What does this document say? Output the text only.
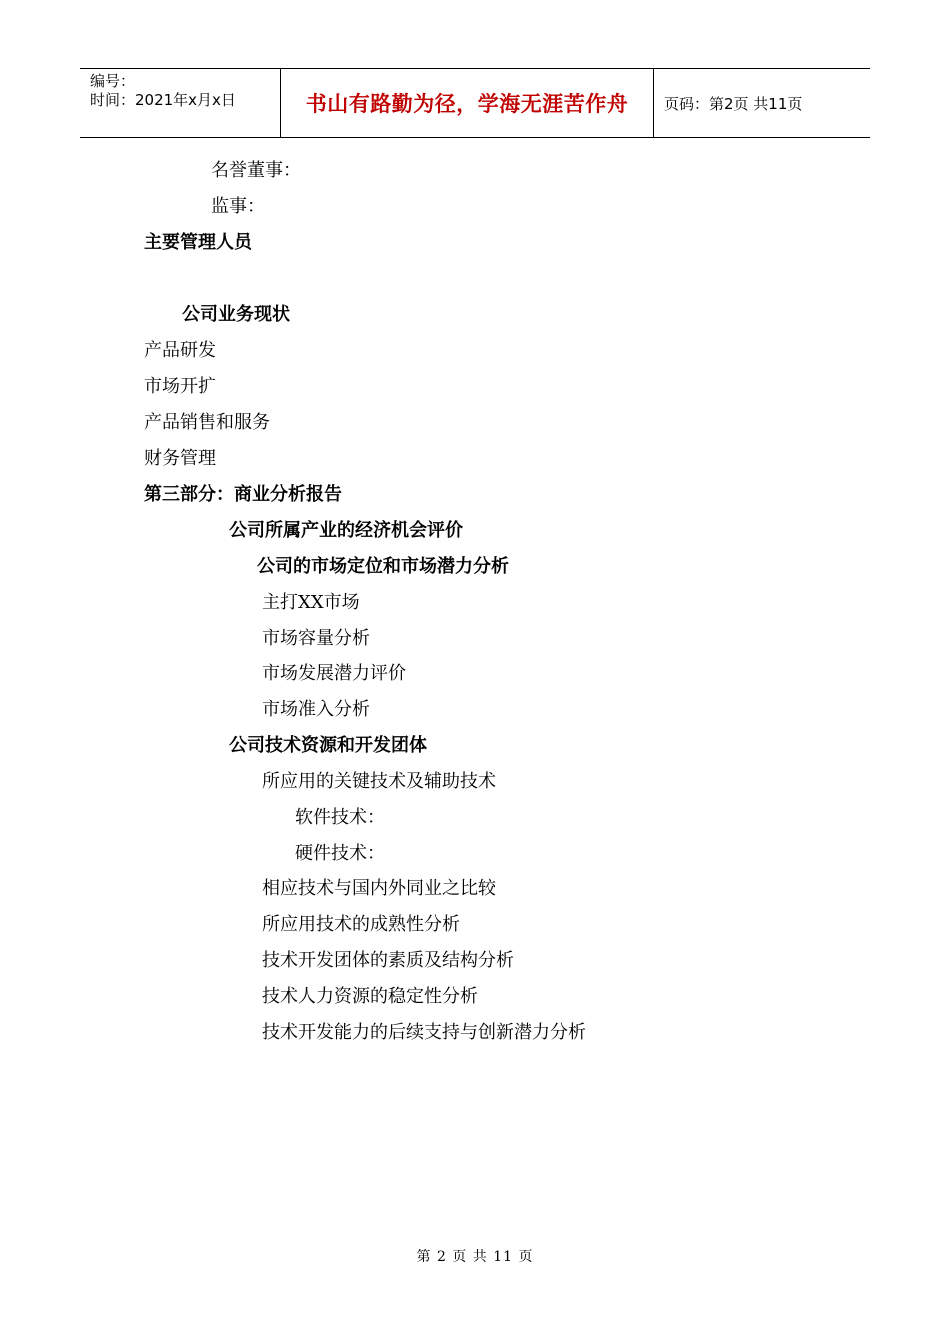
编号：
时间：2021年x月x日	书山有路勤为径，学海无涯苦作舟 页码：第2页 共11页
名誉董事：
监事：
主要管理人员
公司业务现状
产品研发
市场开扩
产品销售和服务
财务管理
第三部分：商业分析报告
公司所属产业的经济机会评价
公司的市场定位和市场潜力分析
主打XX市场
市场容量分析
市场发展潜力评价
市场准入分析
公司技术资源和开发团体
所应用的关键技术及辅助技术
软件技术：
硬件技术：
相应技术与国内外同业之比较
所应用技术的成熟性分析
技术开发团体的素质及结构分析
技术人力资源的稳定性分析
技术开发能力的后续支持与创新潜力分析
第 2 页 共 11 页
